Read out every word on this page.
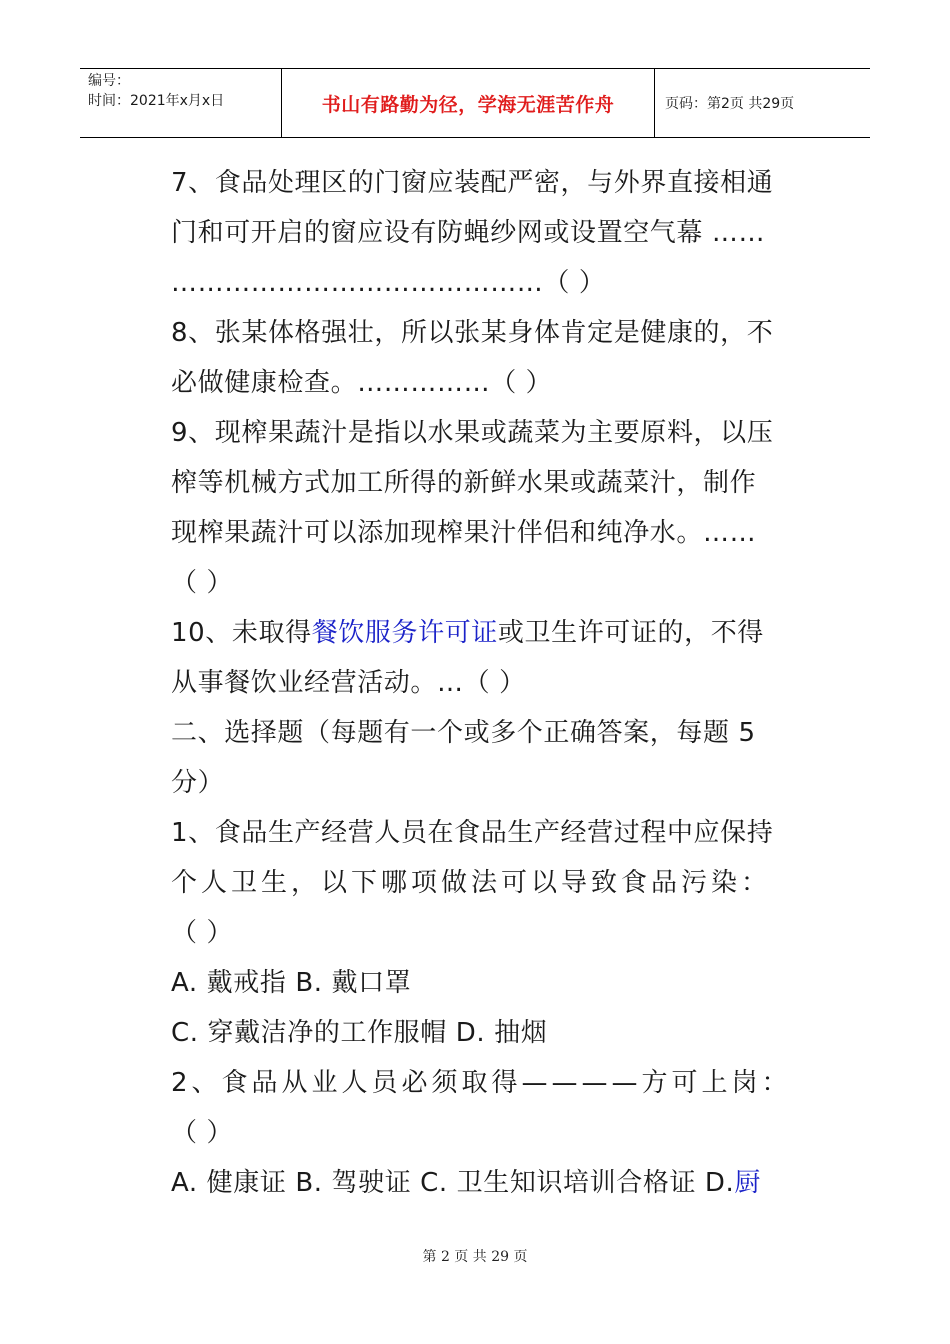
编号：
时间：2021年x月x日	书山有路勤为径，学海无涯苦作舟	页码：第2页 共29页
7、食品处理区的门窗应装配严密，与外界直接相通
门和可开启的窗应设有防蝇纱网或设置空气幕 ……
……………………………………（ ）
8、张某体格强壮，所以张某身体肯定是健康的，不
必做健康检查。……………（ ）
9、现榨果蔬汁是指以水果或蔬菜为主要原料，以压
榨等机械方式加工所得的新鲜水果或蔬菜汁，制作
现榨果蔬汁可以添加现榨果汁伴侣和纯净水。……
（ ）
10、未取得餐饮服务许可证或卫生许可证的，不得
从事餐饮业经营活动。…（ ）
二、选择题（每题有一个或多个正确答案，每题 5
分）
1、食品生产经营人员在食品生产经营过程中应保持
个人卫生，以下哪项做法可以导致食品污染：
（ ）
A. 戴戒指 B. 戴口罩
C. 穿戴洁净的工作服帽 D. 抽烟
2、食品从业人员必须取得————方可上岗：
（ ）
A. 健康证 B. 驾驶证 C. 卫生知识培训合格证 D.厨
第 2 页 共 29 页
